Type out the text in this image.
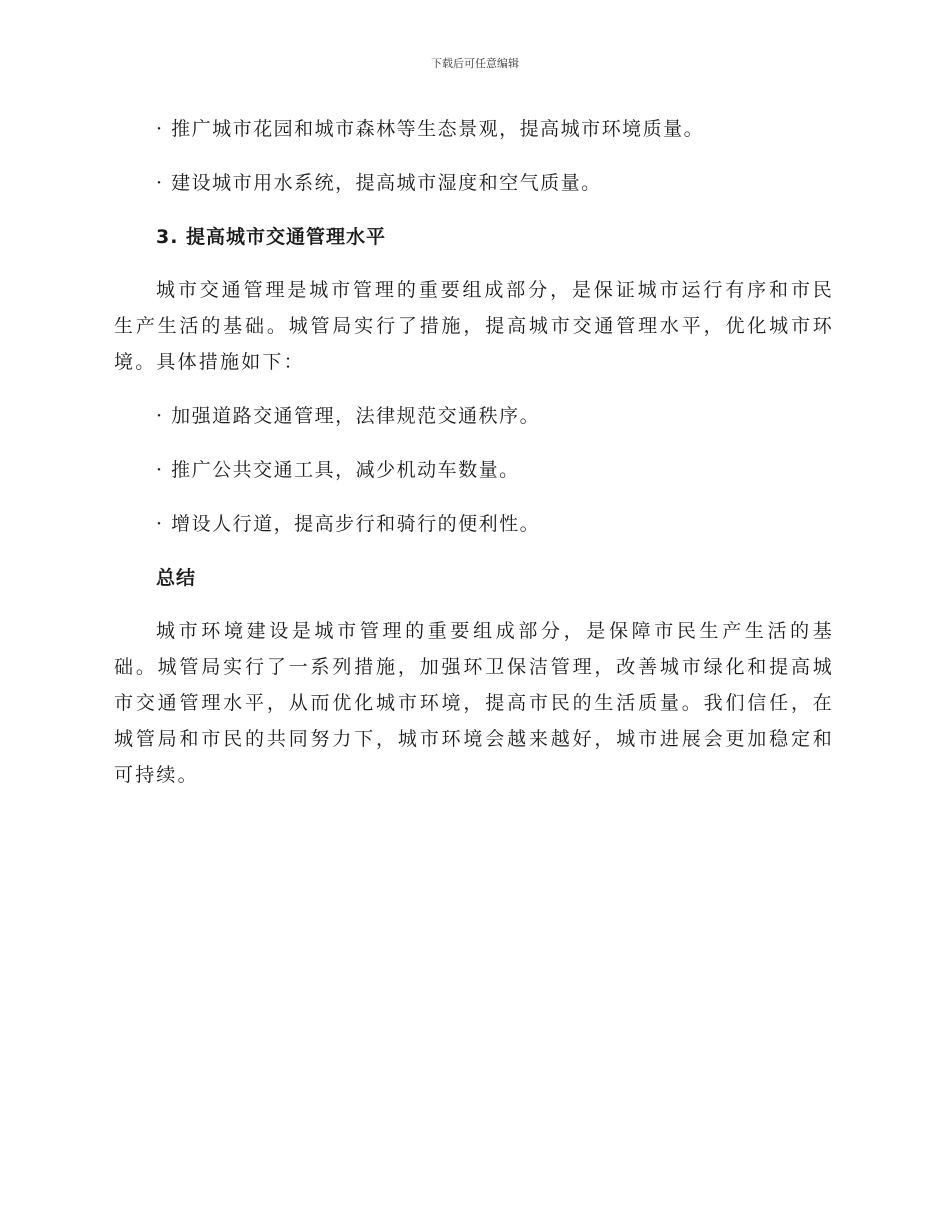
下载后可任意编辑
· 推广城市花园和城市森林等生态景观，提高城市环境质量。
· 建设城市用水系统，提高城市湿度和空气质量。
3. 提高城市交通管理水平
城市交通管理是城市管理的重要组成部分，是保证城市运行有序和市民生产生活的基础。城管局实行了措施，提高城市交通管理水平，优化城市环境。具体措施如下：
· 加强道路交通管理，法律规范交通秩序。
· 推广公共交通工具，减少机动车数量。
· 增设人行道，提高步行和骑行的便利性。
总结
城市环境建设是城市管理的重要组成部分，是保障市民生产生活的基础。城管局实行了一系列措施，加强环卫保洁管理，改善城市绿化和提高城市交通管理水平，从而优化城市环境，提高市民的生活质量。我们信任，在城管局和市民的共同努力下，城市环境会越来越好，城市进展会更加稳定和可持续。
